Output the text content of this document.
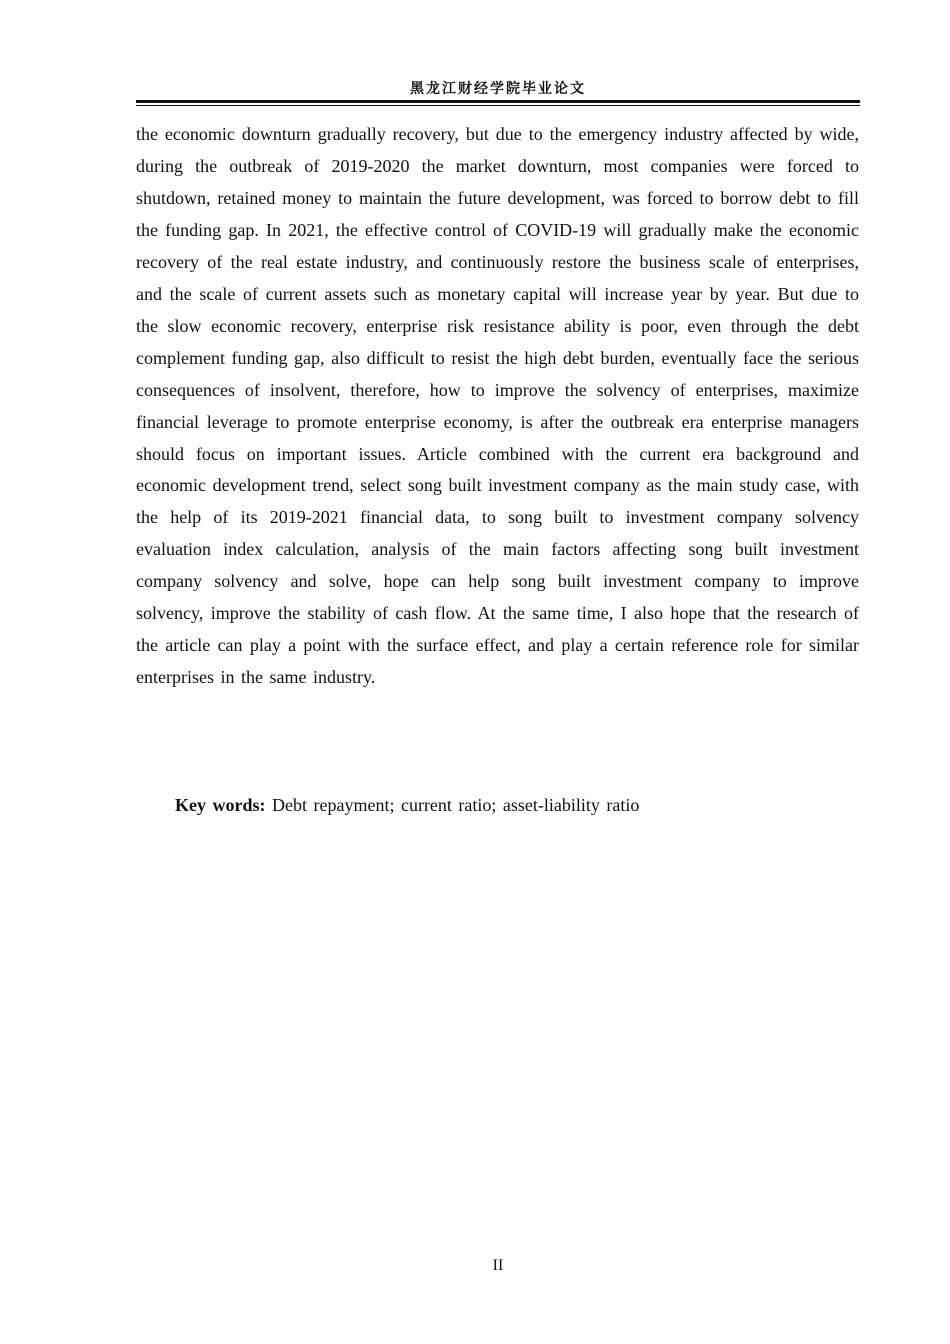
黑龙江财经学院毕业论文

the economic downturn gradually recovery, but due to the emergency industry affected by wide, during the outbreak of 2019-2020 the market downturn, most companies were forced to shutdown, retained money to maintain the future development, was forced to borrow debt to fill the funding gap. In 2021, the effective control of COVID-19 will gradually make the economic recovery of the real estate industry, and continuously restore the business scale of enterprises, and the scale of current assets such as monetary capital will increase year by year. But due to the slow economic recovery, enterprise risk resistance ability is poor, even through the debt complement funding gap, also difficult to resist the high debt burden, eventually face the serious consequences of insolvent, therefore, how to improve the solvency of enterprises, maximize financial leverage to promote enterprise economy, is after the outbreak era enterprise managers should focus on important issues. Article combined with the current era background and economic development trend, select song built investment company as the main study case, with the help of its 2019-2021 financial data, to song built to investment company solvency evaluation index calculation, analysis of the main factors affecting song built investment company solvency and solve, hope can help song built investment company to improve solvency, improve the stability of cash flow. At the same time, I also hope that the research of the article can play a point with the surface effect, and play a certain reference role for similar enterprises in the same industry.

Key words: Debt repayment; current ratio; asset-liability ratio
II
